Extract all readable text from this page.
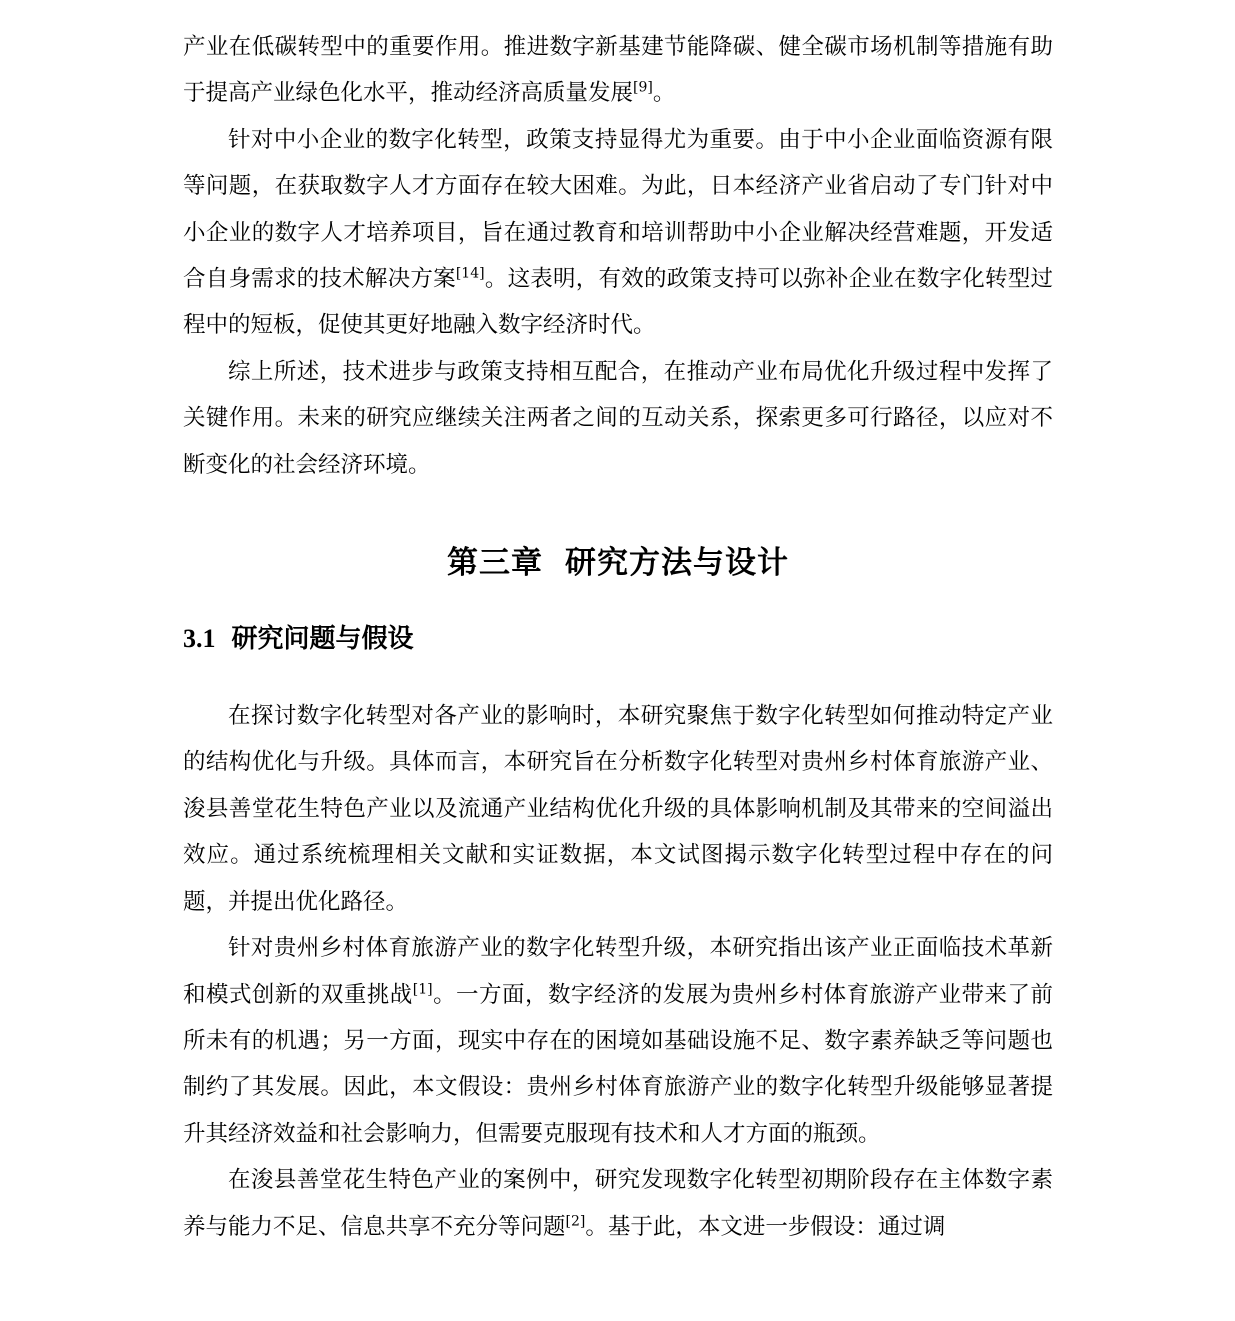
产业在低碳转型中的重要作用。推进数字新基建节能降碳、健全碳市场机制等措施有助于提高产业绿色化水平，推动经济高质量发展[9]。

针对中小企业的数字化转型，政策支持显得尤为重要。由于中小企业面临资源有限等问题，在获取数字人才方面存在较大困难。为此，日本经济产业省启动了专门针对中小企业的数字人才培养项目，旨在通过教育和培训帮助中小企业解决经营难题，开发适合自身需求的技术解决方案[14]。这表明，有效的政策支持可以弥补企业在数字化转型过程中的短板，促使其更好地融入数字经济时代。

综上所述，技术进步与政策支持相互配合，在推动产业布局优化升级过程中发挥了关键作用。未来的研究应继续关注两者之间的互动关系，探索更多可行路径，以应对不断变化的社会经济环境。

第三章 研究方法与设计
3.1 研究问题与假设

在探讨数字化转型对各产业的影响时，本研究聚焦于数字化转型如何推动特定产业的结构优化与升级。具体而言，本研究旨在分析数字化转型对贵州乡村体育旅游产业、浚县善堂花生特色产业以及流通产业结构优化升级的具体影响机制及其带来的空间溢出效应。通过系统梳理相关文献和实证数据，本文试图揭示数字化转型过程中存在的问题，并提出优化路径。

针对贵州乡村体育旅游产业的数字化转型升级，本研究指出该产业正面临技术革新和模式创新的双重挑战[1]。一方面，数字经济的发展为贵州乡村体育旅游产业带来了前所未有的机遇；另一方面，现实中存在的困境如基础设施不足、数字素养缺乏等问题也制约了其发展。因此，本文假设：贵州乡村体育旅游产业的数字化转型升级能够显著提升其经济效益和社会影响力，但需要克服现有技术和人才方面的瓶颈。

在浚县善堂花生特色产业的案例中，研究发现数字化转型初期阶段存在主体数字素养与能力不足、信息共享不充分等问题[2]。基于此，本文进一步假设：通过调
